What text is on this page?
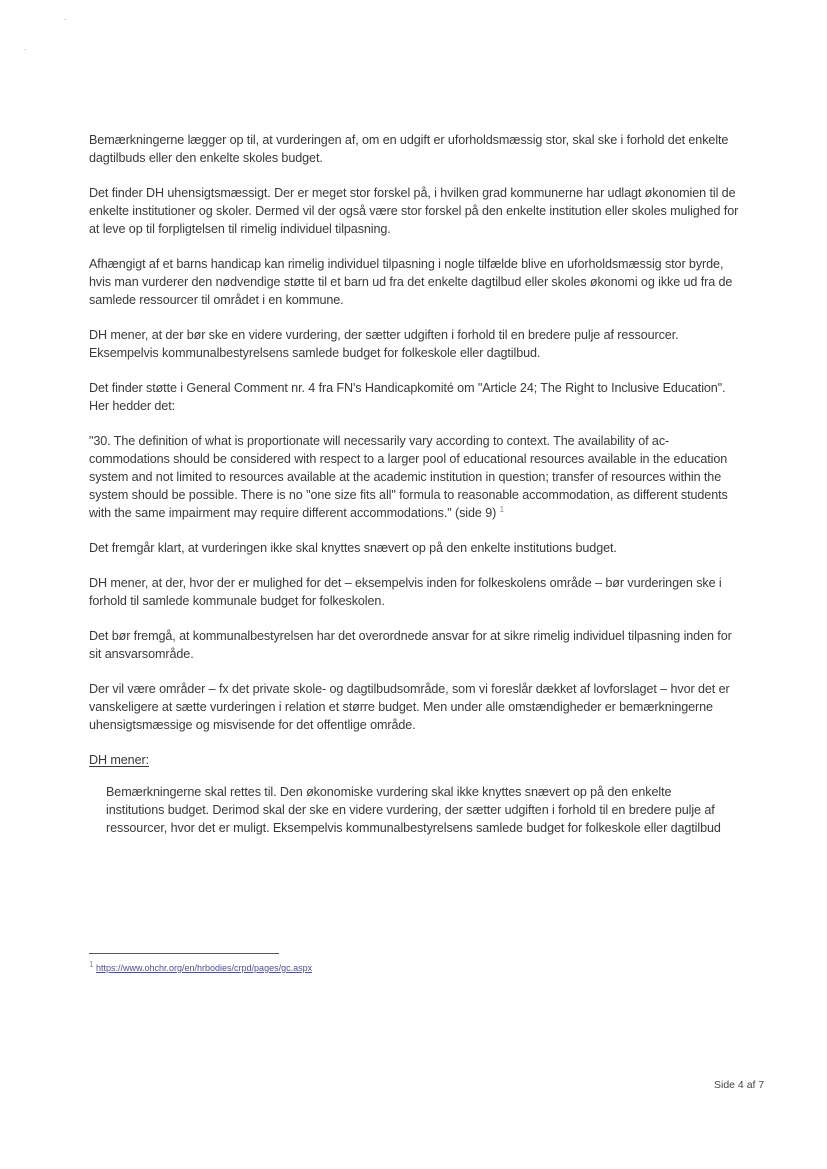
Bemærkningerne lægger op til, at vurderingen af, om en udgift er uforholdsmæssig stor, skal ske i forhold det enkelte dagtilbuds eller den enkelte skoles budget.

Det finder DH uhensigtsmæssigt. Der er meget stor forskel på, i hvilken grad kommunerne har udlagt økonomien til de enkelte institutioner og skoler. Dermed vil der også være stor forskel på den enkelte institution eller skoles mulighed for at leve op til forpligtelsen til rimelig individuel tilpasning.

Afhængigt af et barns handicap kan rimelig individuel tilpasning i nogle tilfælde blive en uforholdsmæssig stor byrde, hvis man vurderer den nødvendige støtte til et barn ud fra det enkelte dagtilbud eller skoles økonomi og ikke ud fra de samlede ressourcer til området i en kommune.

DH mener, at der bør ske en videre vurdering, der sætter udgiften i forhold til en bredere pulje af ressourcer. Eksempelvis kommunalbestyrelsens samlede budget for folkeskole eller dagtilbud.

Det finder støtte i General Comment nr. 4 fra FN's Handicapkomité om "Article 24; The Right to Inclusive Education". Her hedder det:

"30. The definition of what is proportionate will necessarily vary according to context. The availability of accommodations should be considered with respect to a larger pool of educational resources available in the education system and not limited to resources available at the academic institution in question; transfer of resources within the system should be possible. There is no "one size fits all" formula to reasonable accommodation, as different students with the same impairment may require different accommodations." (side 9) $^1$

Det fremgår klart, at vurderingen ikke skal knyttes snævert op på den enkelte institutions budget.

DH mener, at der, hvor der er mulighed for det – eksempelvis inden for folkeskolens område – bør vurderingen ske i forhold til samlede kommunale budget for folkeskolen.

Det bør fremgå, at kommunalbestyrelsen har det overordnede ansvar for at sikre rimelig individuel tilpasning inden for sit ansvarsområde.

Der vil være områder – fx det private skole- og dagtilbudsområde, som vi foreslår dækket af lovforslaget – hvor det er vanskeligere at sætte vurderingen i relation et større budget. Men under alle omstændigheder er bemærkningerne uhensigtsmæssige og misvisende for det offentlige område.

DH mener:

Bemærkningerne skal rettes til. Den økonomiske vurdering skal ikke knyttes snævert op på den enkelte institutions budget. Derimod skal der ske en videre vurdering, der sætter udgiften i forhold til en bredere pulje af ressourcer, hvor det er muligt. Eksempelvis kommunalbestyrelsens samlede budget for folkeskole eller dagtilbud

1 https://www.ohchr.org/en/hrbodies/crpd/pages/gc.aspx
Side 4 af 7
